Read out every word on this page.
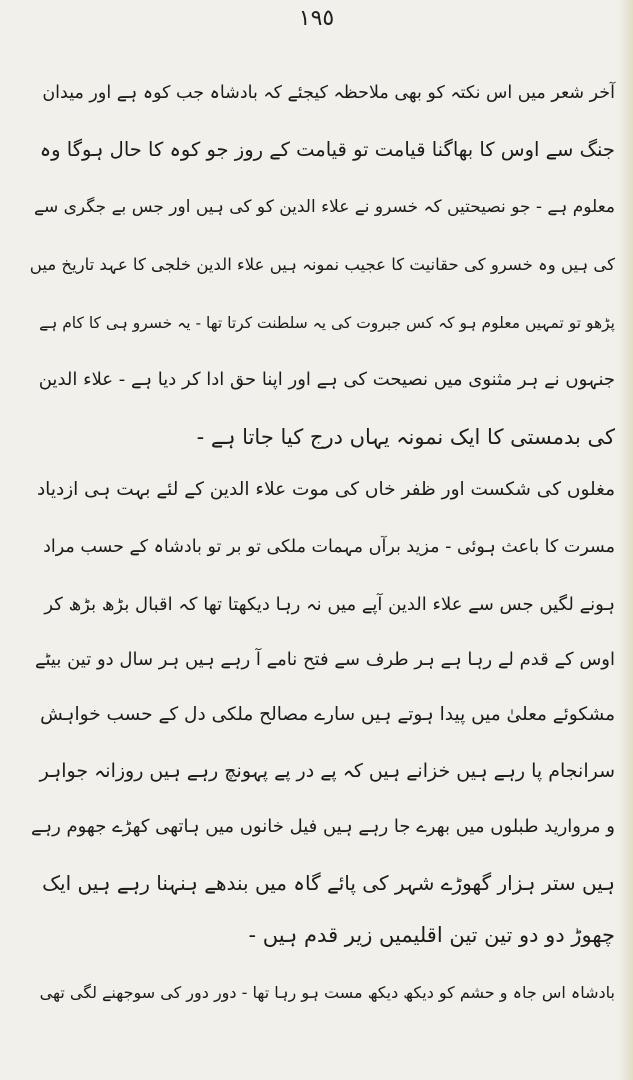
١٩٥
آخر شعر میں اس نکتہ کو بھی ملاحظہ کیجئے کہ بادشاہ جب کوہ ہے اور میدان
جنگ سے اوس کا بھاگنا قیامت تو قیامت کے روز جو کوہ کا حال ہوگا وہ
معلوم ہے - جو نصیحتیں کہ خسرو نے علاء الدین کو کی ہیں اور جس بے جگری سے
کی ہیں وہ خسرو کی حقانیت کا عجیب نمونہ ہیں علاء الدین خلجی کا عہد تاریخ میں
پڑھو تو تمہیں معلوم ہو کہ کس جبروت کی یہ سلطنت کرتا تھا - یہ خسرو ہی کا کام ہے
جنہوں نے ہر مثنوی میں نصیحت کی ہے اور اپنا حق ادا کر دیا ہے - علاء الدین
کی بدمستی کا ایک نمونہ یہاں درج کیا جاتا ہے -
مغلوں کی شکست اور ظفر خاں کی موت علاء الدین کے لئے بہت ہی ازدیاد
مسرت کا باعث ہوئی - مزید برآں مہمات ملکی تو بر تو بادشاہ کے حسب مراد
ہونے لگیں جس سے علاء الدین آپے میں نہ رہا دیکھتا تھا کہ اقبال بڑھ بڑھ کر
اوس کے قدم لے رہا ہے ہر طرف سے فتح نامے آ رہے ہیں ہر سال دو تین بیٹے
مشکوئے معلیٰ میں پیدا ہوتے ہیں سارے مصالح ملکی دل کے حسب خواہش
سرانجام پا رہے ہیں خزانے ہیں کہ پے در پے پہونچ رہے ہیں روزانہ جواہر
و مروارید طبلوں میں بھرے جا رہے ہیں فیل خانوں میں ہاتھی کھڑے جھوم رہے
ہیں ستر ہزار گھوڑے شہر کی پائے گاہ میں بندھے ہنہنا رہے ہیں ایک
چھوڑ دو دو تین تین اقلیمیں زیر قدم ہیں -
بادشاہ اس جاہ و حشم کو دیکھ دیکھ مست ہو رہا تھا - دور دور کی سوجھنے لگی تھی
